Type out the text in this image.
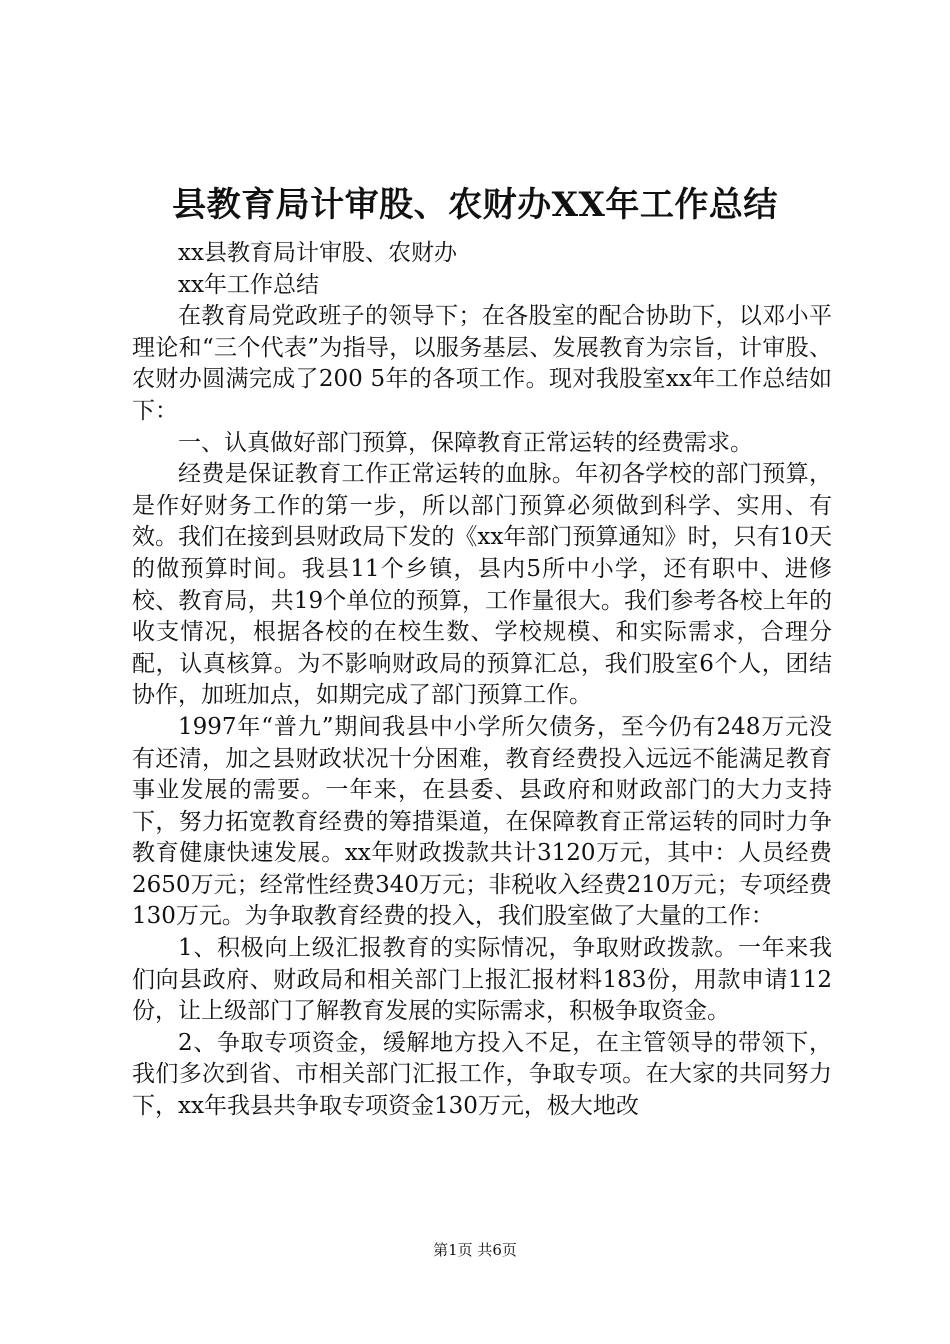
县教育局计审股、农财办XX年工作总结

xx县教育局计审股、农财办

xx年工作总结

在教育局党政班子的领导下；在各股室的配合协助下，以邓小平理论和“三个代表”为指导，以服务基层、发展教育为宗旨，计审股、农财办圆满完成了200 5年的各项工作。现对我股室xx年工作总结如下：

一、认真做好部门预算，保障教育正常运转的经费需求。

经费是保证教育工作正常运转的血脉。年初各学校的部门预算，是作好财务工作的第一步，所以部门预算必须做到科学、实用、有效。我们在接到县财政局下发的《xx年部门预算通知》时，只有10天的做预算时间。我县11个乡镇，县内5所中小学，还有职中、进修校、教育局，共19个单位的预算，工作量很大。我们参考各校上年的收支情况，根据各校的在校生数、学校规模、和实际需求，合理分配，认真核算。为不影响财政局的预算汇总，我们股室6个人，团结协作，加班加点，如期完成了部门预算工作。

1997年“普九”期间我县中小学所欠债务，至今仍有248万元没有还清，加之县财政状况十分困难，教育经费投入远远不能满足教育事业发展的需要。一年来，在县委、县政府和财政部门的大力支持下，努力拓宽教育经费的筹措渠道，在保障教育正常运转的同时力争教育健康快速发展。xx年财政拨款共计3120万元，其中：人员经费2650万元；经常性经费340万元；非税收入经费210万元；专项经费130万元。为争取教育经费的投入，我们股室做了大量的工作：

1、积极向上级汇报教育的实际情况，争取财政拨款。一年来我们向县政府、财政局和相关部门上报汇报材料183份，用款申请112份，让上级部门了解教育发展的实际需求，积极争取资金。

2、争取专项资金，缓解地方投入不足，在主管领导的带领下，我们多次到省、市相关部门汇报工作，争取专项。在大家的共同努力下，xx年我县共争取专项资金130万元，极大地改

第1页 共6页
